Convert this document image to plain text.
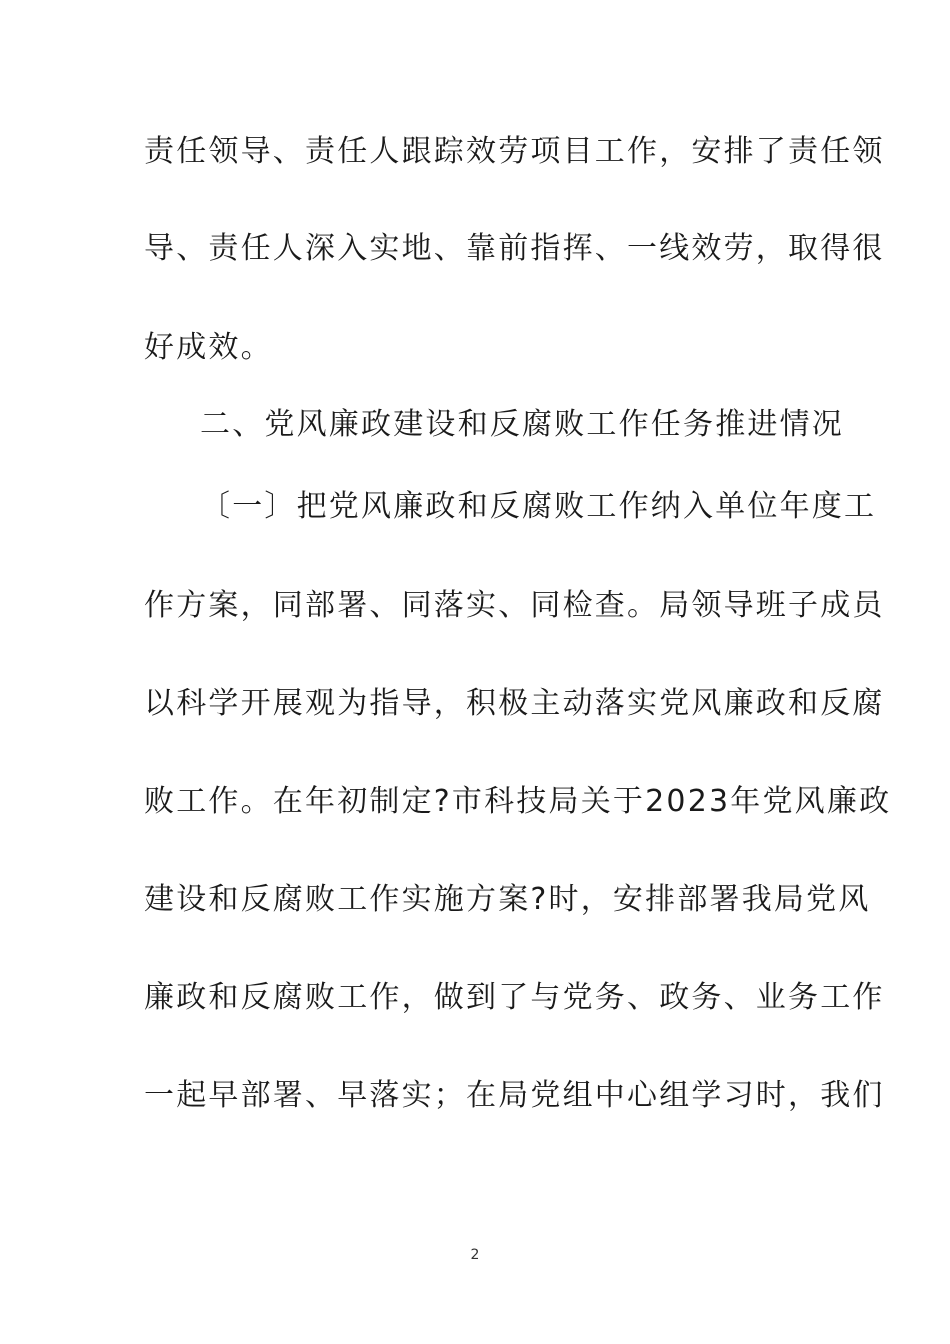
责任领导、责任人跟踪效劳项目工作，安排了责任领
导、责任人深入实地、靠前指挥、一线效劳，取得很
好成效。
二、党风廉政建设和反腐败工作任务推进情况
〔一〕把党风廉政和反腐败工作纳入单位年度工
作方案，同部署、同落实、同检查。局领导班子成员
以科学开展观为指导，积极主动落实党风廉政和反腐
败工作。在年初制定?市科技局关于2023年党风廉政
建设和反腐败工作实施方案?时，安排部署我局党风
廉政和反腐败工作，做到了与党务、政务、业务工作
一起早部署、早落实；在局党组中心组学习时，我们
2
